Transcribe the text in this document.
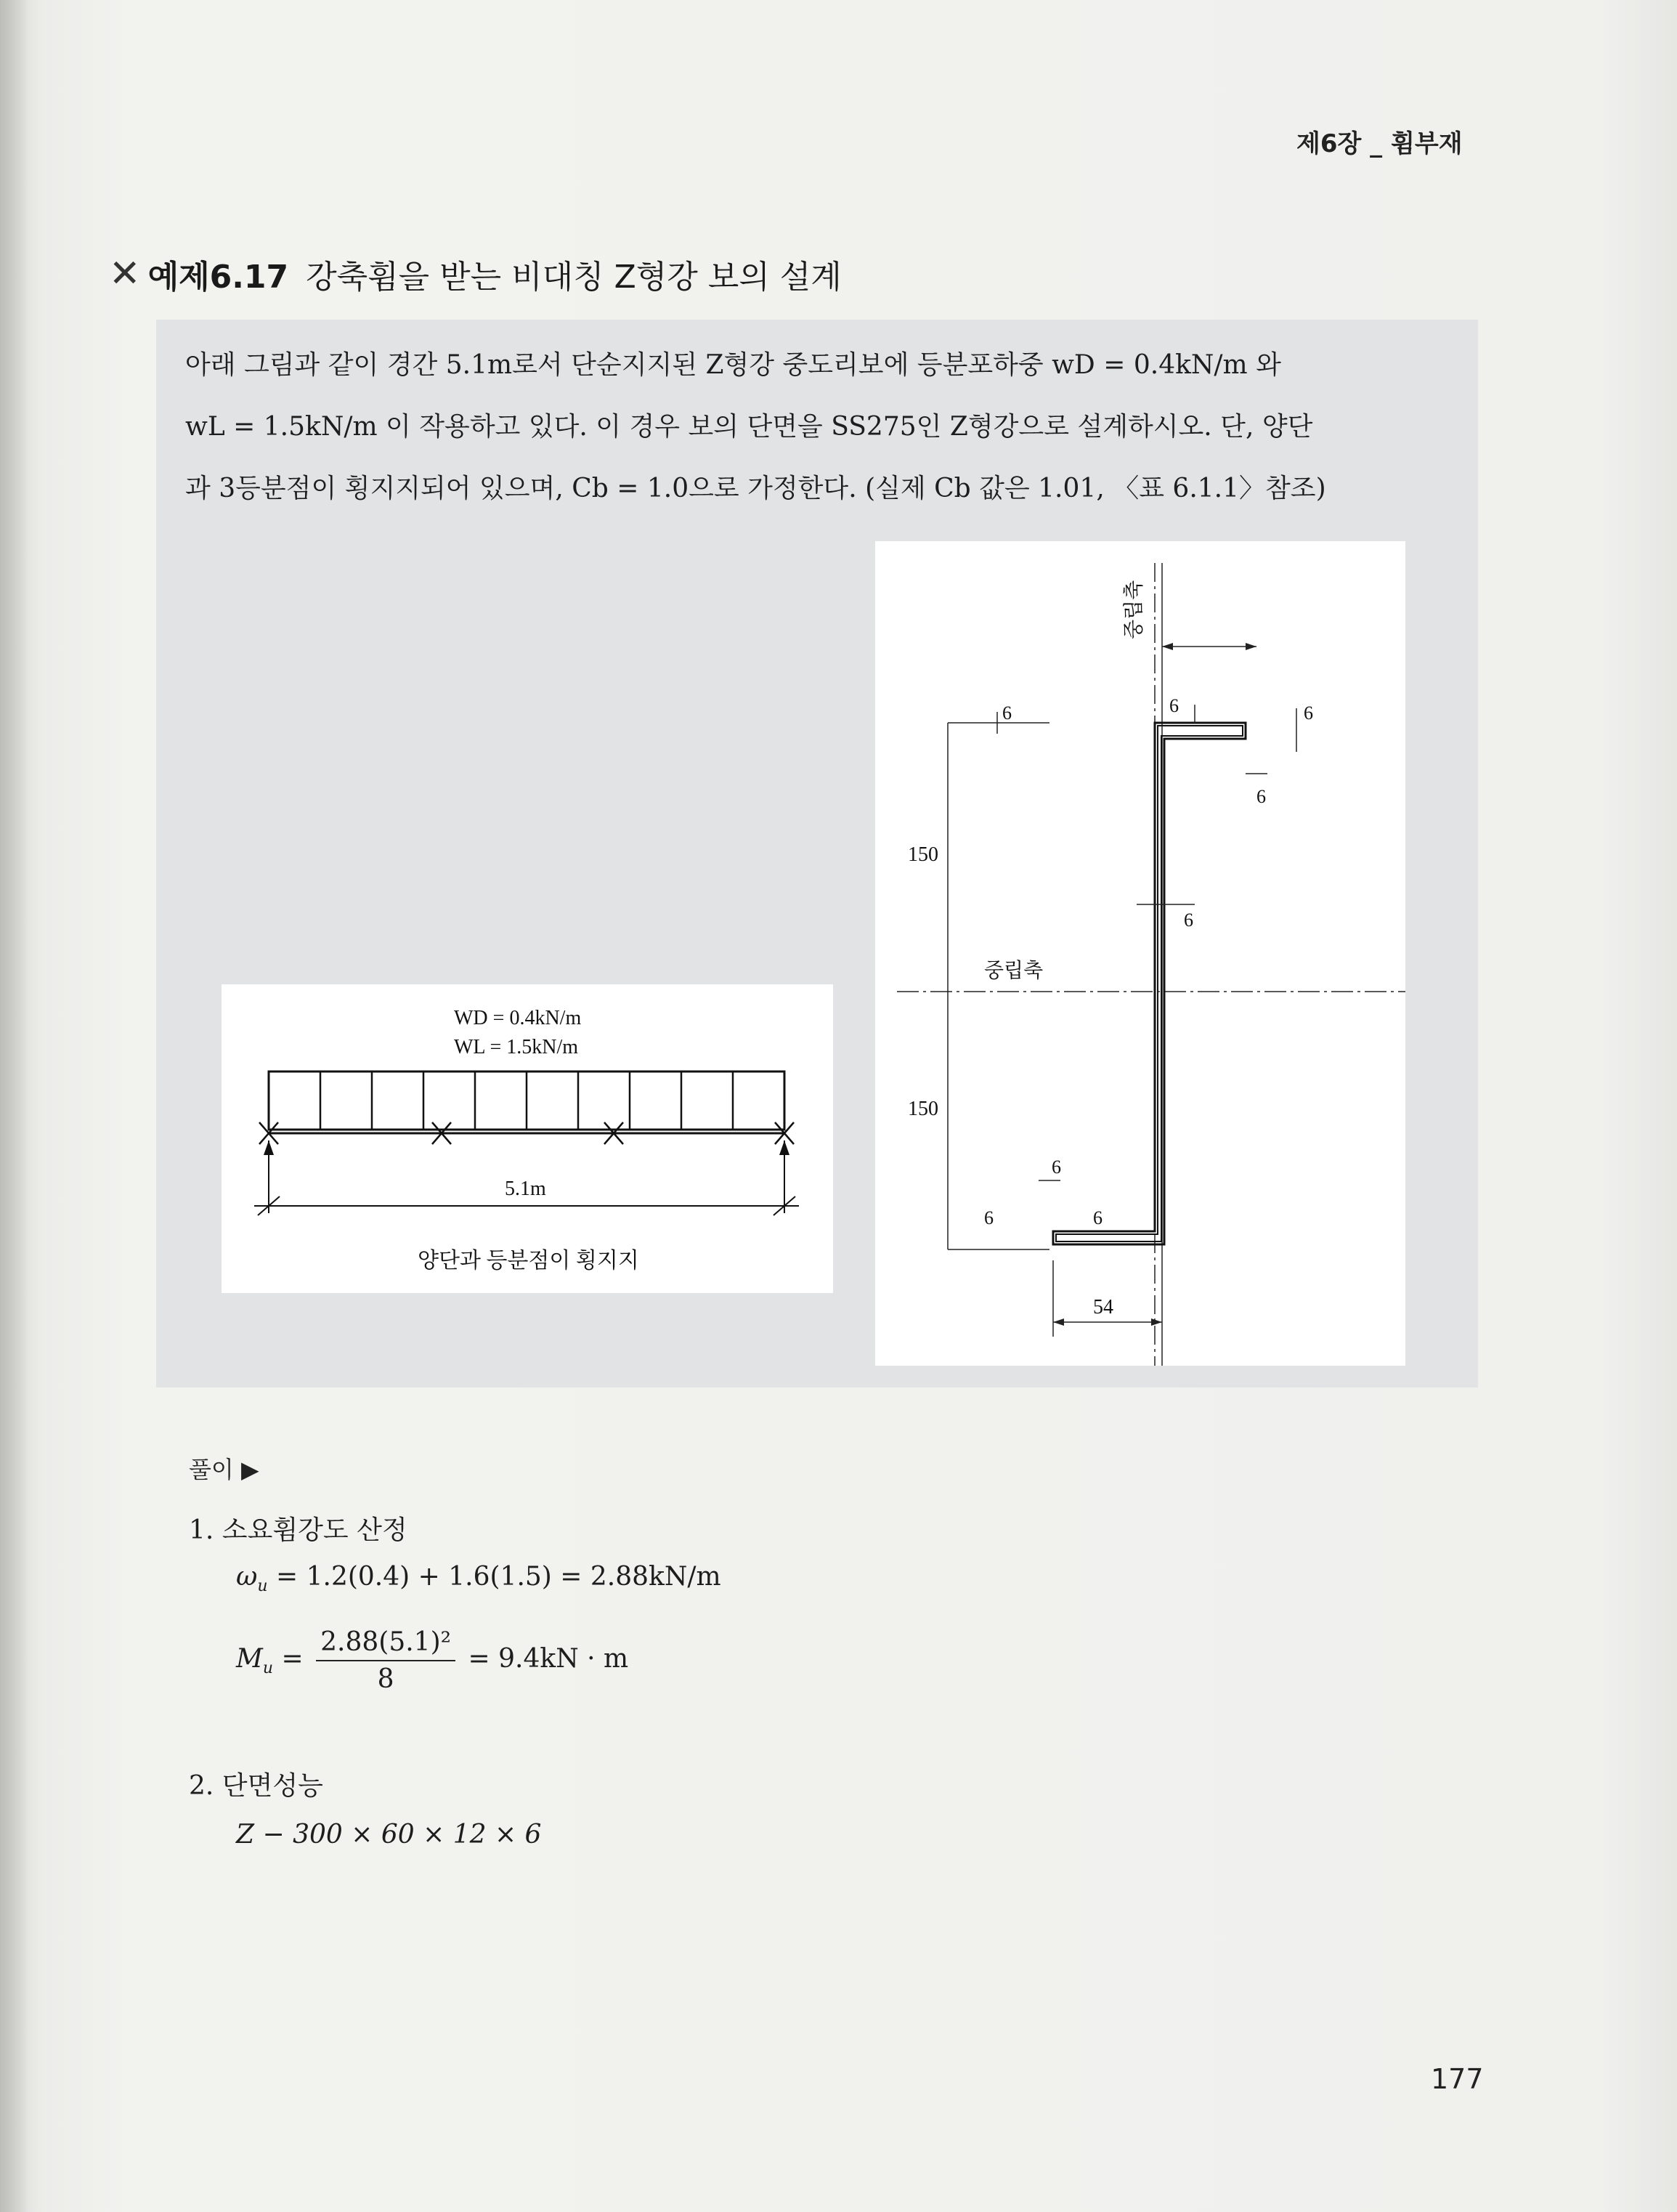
제6장 _ 휨부재
✕ 예제6.17 강축휨을 받는 비대칭 Z형강 보의 설계
아래 그림과 같이 경간 5.1m로서 단순지지된 Z형강 중도리보에 등분포하중 wD = 0.4kN/m 와
wL = 1.5kN/m 이 작용하고 있다. 이 경우 보의 단면을 SS275인 Z형강으로 설계하시오. 단, 양단
과 3등분점이 횡지지되어 있으며, Cb = 1.0으로 가정한다. (실제 Cb 값은 1.01, 〈표 6.1.1〉참조)
중립축
중립축
150
150
6	6	6
6
6
6
6	6
54
WD = 0.4kN/m
WL = 1.5kN/m
5.1m
양단과 등분점이 횡지지
풀이 ▶
1. 소요휨강도 산정
$\omega_u = 1.2(0.4) + 1.6(1.5) = 2.88kN/m$
$M_u = \frac{\text{2.88(5.1)²}}{8} = 9.4kN \cdot m$
2. 단면성능
Z − 300 × 60 × 12 × 6
177
